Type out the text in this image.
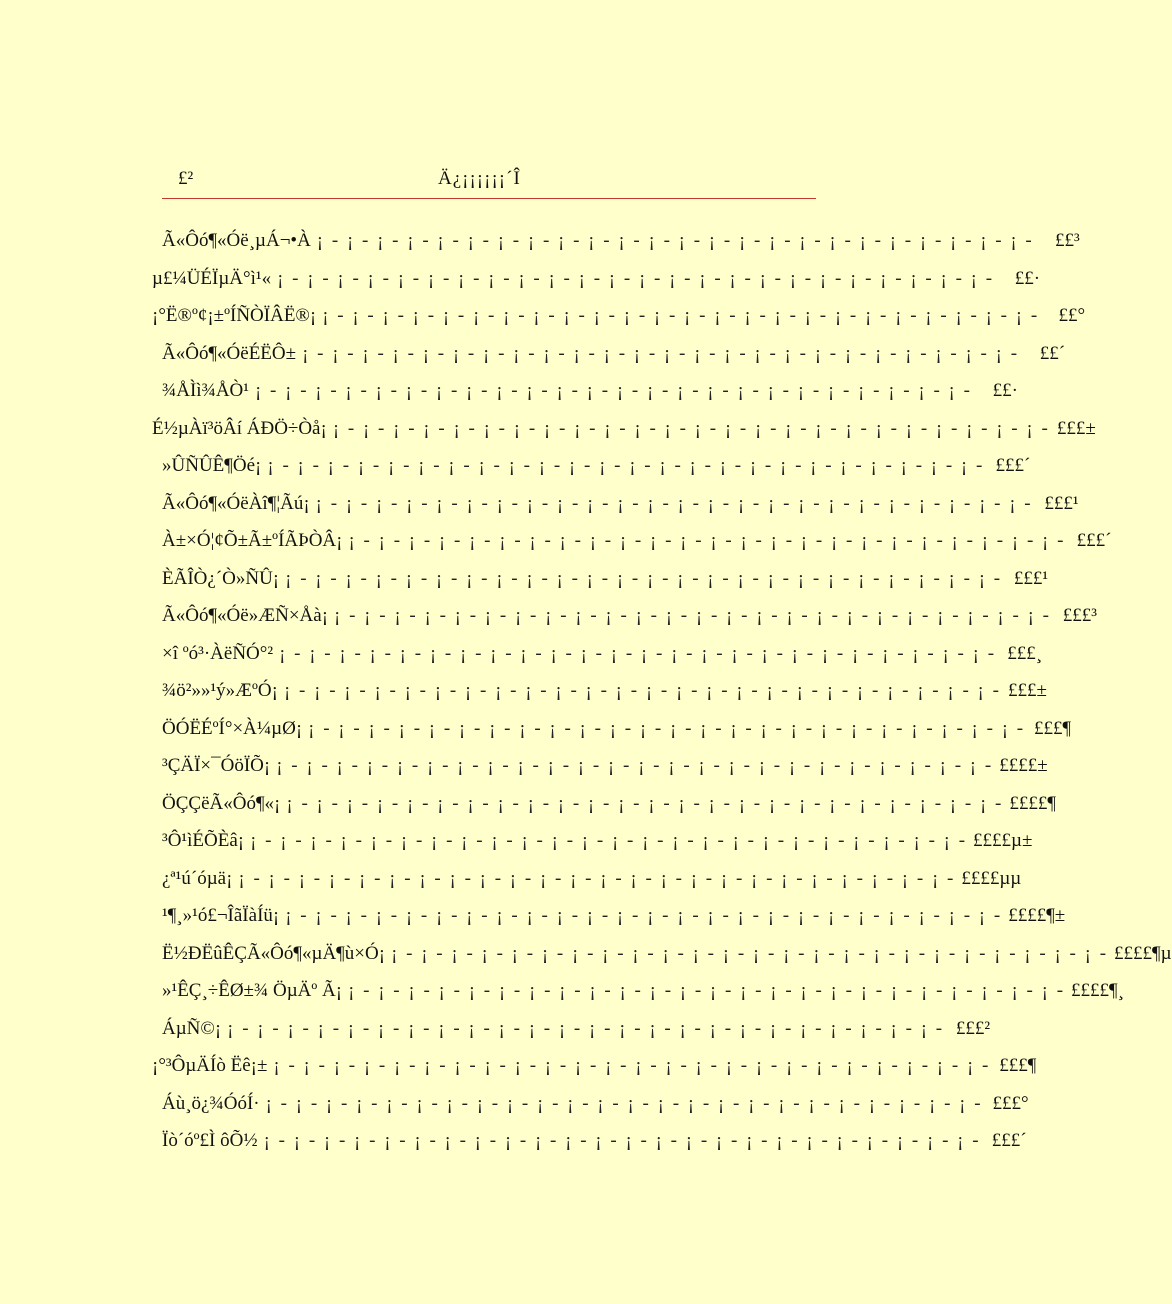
£²	Ä¿¡¡¡¡¡¡´Î
Ã«Ôó¶«Óë¸µÁ¬•À ¡ - ¡ - ¡ - ¡ - ¡ - ¡ - ¡ - ¡ - ¡ - ¡ - ¡ - ¡ - ¡ - ¡ - ¡ - ¡ - ¡ - ¡ - ¡ - ¡ - ¡ - ¡ - ¡ - ¡ -	££³
µ£¼ÜÉÏµÄ°ì¹« ¡ - ¡ - ¡ - ¡ - ¡ - ¡ - ¡ - ¡ - ¡ - ¡ - ¡ - ¡ - ¡ - ¡ - ¡ - ¡ - ¡ - ¡ - ¡ - ¡ - ¡ - ¡ - ¡ - ¡ -	££·
¡°Ë®º¢¡±ºÍÑÒÏÂË®¡ ¡ - ¡ - ¡ - ¡ - ¡ - ¡ - ¡ - ¡ - ¡ - ¡ - ¡ - ¡ - ¡ - ¡ - ¡ - ¡ - ¡ - ¡ - ¡ - ¡ - ¡ - ¡ - ¡ - ¡ -	££°
Ã«Ôó¶«ÓëÉËÔ± ¡ - ¡ - ¡ - ¡ - ¡ - ¡ - ¡ - ¡ - ¡ - ¡ - ¡ - ¡ - ¡ - ¡ - ¡ - ¡ - ¡ - ¡ - ¡ - ¡ - ¡ - ¡ - ¡ - ¡ -	££´
¾ÅÌì¾ÅÒ¹ ¡ - ¡ - ¡ - ¡ - ¡ - ¡ - ¡ - ¡ - ¡ - ¡ - ¡ - ¡ - ¡ - ¡ - ¡ - ¡ - ¡ - ¡ - ¡ - ¡ - ¡ - ¡ - ¡ - ¡ -	££·
É½µÀï³öÂí ÁÐÖ÷Òå¡ ¡ - ¡ - ¡ - ¡ - ¡ - ¡ - ¡ - ¡ - ¡ - ¡ - ¡ - ¡ - ¡ - ¡ - ¡ - ¡ - ¡ - ¡ - ¡ - ¡ - ¡ - ¡ - ¡ - ¡ - £££±
»ÛÑÛÊ¶Öé¡ ¡ - ¡ - ¡ - ¡ - ¡ - ¡ - ¡ - ¡ - ¡ - ¡ - ¡ - ¡ - ¡ - ¡ - ¡ - ¡ - ¡ - ¡ - ¡ - ¡ - ¡ - ¡ - ¡ - ¡ - £££´
Ã«Ôó¶«ÓëÀî¶¦Ãú¡ ¡ - ¡ - ¡ - ¡ - ¡ - ¡ - ¡ - ¡ - ¡ - ¡ - ¡ - ¡ - ¡ - ¡ - ¡ - ¡ - ¡ - ¡ - ¡ - ¡ - ¡ - ¡ - ¡ - ¡ - £££¹
À±×Ó¦¢Õ±Ã±ºÍÃÞÒÂ¡ ¡ - ¡ - ¡ - ¡ - ¡ - ¡ - ¡ - ¡ - ¡ - ¡ - ¡ - ¡ - ¡ - ¡ - ¡ - ¡ - ¡ - ¡ - ¡ - ¡ - ¡ - ¡ - ¡ - ¡ - £££´
ÈÃÎÒ¿´Ò»ÑÛ¡ ¡ - ¡ - ¡ - ¡ - ¡ - ¡ - ¡ - ¡ - ¡ - ¡ - ¡ - ¡ - ¡ - ¡ - ¡ - ¡ - ¡ - ¡ - ¡ - ¡ - ¡ - ¡ - ¡ - ¡ - £££¹
Ã«Ôó¶«Óë»ÆÑ×Åà¡ ¡ - ¡ - ¡ - ¡ - ¡ - ¡ - ¡ - ¡ - ¡ - ¡ - ¡ - ¡ - ¡ - ¡ - ¡ - ¡ - ¡ - ¡ - ¡ - ¡ - ¡ - ¡ - ¡ - ¡ - £££³
×î ºó³·ÀëÑÓ°² ¡ - ¡ - ¡ - ¡ - ¡ - ¡ - ¡ - ¡ - ¡ - ¡ - ¡ - ¡ - ¡ - ¡ - ¡ - ¡ - ¡ - ¡ - ¡ - ¡ - ¡ - ¡ - ¡ - ¡ - £££¸
¾ö²»»¹ý»ÆºÓ¡ ¡ - ¡ - ¡ - ¡ - ¡ - ¡ - ¡ - ¡ - ¡ - ¡ - ¡ - ¡ - ¡ - ¡ - ¡ - ¡ - ¡ - ¡ - ¡ - ¡ - ¡ - ¡ - ¡ - ¡ - £££±
ÖÓËÉºÍ°×À¼µØ¡ ¡ - ¡ - ¡ - ¡ - ¡ - ¡ - ¡ - ¡ - ¡ - ¡ - ¡ - ¡ - ¡ - ¡ - ¡ - ¡ - ¡ - ¡ - ¡ - ¡ - ¡ - ¡ - ¡ - ¡ - £££¶
³ÇÄÏ×¯ÓöÏÕ¡ ¡ - ¡ - ¡ - ¡ - ¡ - ¡ - ¡ - ¡ - ¡ - ¡ - ¡ - ¡ - ¡ - ¡ - ¡ - ¡ - ¡ - ¡ - ¡ - ¡ - ¡ - ¡ - ¡ - ¡ - ££££±
ÖÇÇëÃ«Ôó¶«¡ ¡ - ¡ - ¡ - ¡ - ¡ - ¡ - ¡ - ¡ - ¡ - ¡ - ¡ - ¡ - ¡ - ¡ - ¡ - ¡ - ¡ - ¡ - ¡ - ¡ - ¡ - ¡ - ¡ - ¡ - ££££¶
³Ô¹ìÉÕÈâ¡ ¡ - ¡ - ¡ - ¡ - ¡ - ¡ - ¡ - ¡ - ¡ - ¡ - ¡ - ¡ - ¡ - ¡ - ¡ - ¡ - ¡ - ¡ - ¡ - ¡ - ¡ - ¡ - ¡ - ¡ - ££££µ±
¿ª¹ú´óµä¡ ¡ - ¡ - ¡ - ¡ - ¡ - ¡ - ¡ - ¡ - ¡ - ¡ - ¡ - ¡ - ¡ - ¡ - ¡ - ¡ - ¡ - ¡ - ¡ - ¡ - ¡ - ¡ - ¡ - ¡ - ££££µµ
¹¶¸»¹ó£¬ÎãÏàÍü¡ ¡ - ¡ - ¡ - ¡ - ¡ - ¡ - ¡ - ¡ - ¡ - ¡ - ¡ - ¡ - ¡ - ¡ - ¡ - ¡ - ¡ - ¡ - ¡ - ¡ - ¡ - ¡ - ¡ - ¡ - ££££¶±
Ë½ÐËûÊÇÃ«Ôó¶«µÄ¶ù×Ó¡ ¡ - ¡ - ¡ - ¡ - ¡ - ¡ - ¡ - ¡ - ¡ - ¡ - ¡ - ¡ - ¡ - ¡ - ¡ - ¡ - ¡ - ¡ - ¡ - ¡ - ¡ - ¡ - ¡ - ¡ - ££££¶µ
»¹ÊÇ¸÷ÊØ±¾ ÖµÄº Ã¡ ¡ - ¡ - ¡ - ¡ - ¡ - ¡ - ¡ - ¡ - ¡ - ¡ - ¡ - ¡ - ¡ - ¡ - ¡ - ¡ - ¡ - ¡ - ¡ - ¡ - ¡ - ¡ - ¡ - ¡ - ££££¶¸
ÁµÑ©¡ ¡ - ¡ - ¡ - ¡ - ¡ - ¡ - ¡ - ¡ - ¡ - ¡ - ¡ - ¡ - ¡ - ¡ - ¡ - ¡ - ¡ - ¡ - ¡ - ¡ - ¡ - ¡ - ¡ - ¡ - £££²
¡°³ÔµÄÍò Ëê¡± ¡ - ¡ - ¡ - ¡ - ¡ - ¡ - ¡ - ¡ - ¡ - ¡ - ¡ - ¡ - ¡ - ¡ - ¡ - ¡ - ¡ - ¡ - ¡ - ¡ - ¡ - ¡ - ¡ - ¡ - £££¶
Áù¸ö¿¾ÓóÍ· ¡ - ¡ - ¡ - ¡ - ¡ - ¡ - ¡ - ¡ - ¡ - ¡ - ¡ - ¡ - ¡ - ¡ - ¡ - ¡ - ¡ - ¡ - ¡ - ¡ - ¡ - ¡ - ¡ - ¡ - £££°
Ïò´óº£Ì ôÕ½ ¡ - ¡ - ¡ - ¡ - ¡ - ¡ - ¡ - ¡ - ¡ - ¡ - ¡ - ¡ - ¡ - ¡ - ¡ - ¡ - ¡ - ¡ - ¡ - ¡ - ¡ - ¡ - ¡ - ¡ - £££´
